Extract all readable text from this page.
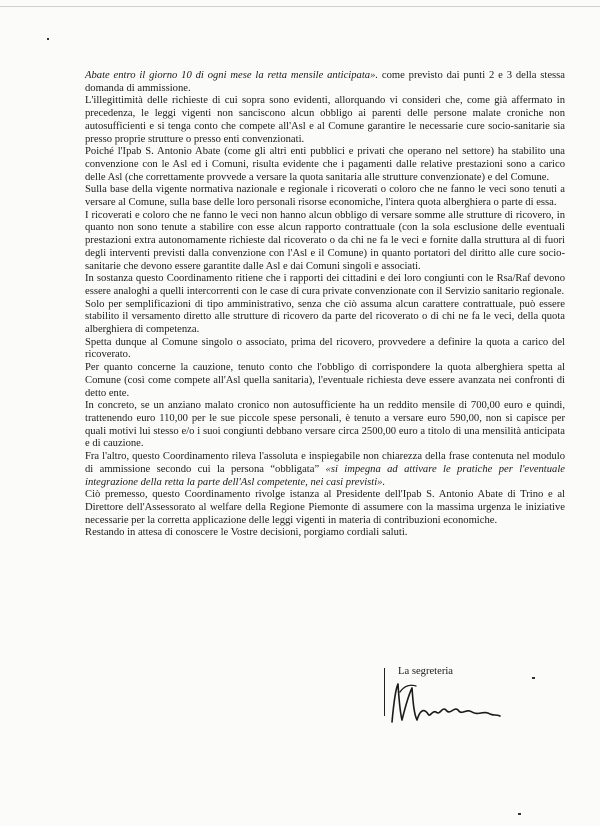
Abate entro il giorno 10 di ogni mese la retta mensile anticipata». come previsto dai punti 2 e 3 della stessa domanda di ammissione.

L'illegittimità delle richieste di cui sopra sono evidenti, allorquando vi consideri che, come già affermato in precedenza, le leggi vigenti non sanciscono alcun obbligo ai parenti delle persone malate croniche non autosufficienti e si tenga conto che compete all'Asl e al Comune garantire le necessarie cure socio-sanitarie sia presso proprie strutture o presso enti convenzionati.

Poiché l'Ipab S. Antonio Abate (come gli altri enti pubblici e privati che operano nel settore) ha stabilito una convenzione con le Asl ed i Comuni, risulta evidente che i pagamenti dalle relative prestazioni sono a carico delle Asl (che correttamente provvede a versare la quota sanitaria alle strutture convenzionate) e del Comune.

Sulla base della vigente normativa nazionale e regionale i ricoverati o coloro che ne fanno le veci sono tenuti a versare al Comune, sulla base delle loro personali risorse economiche, l'intera quota alberghiera o parte di essa.

I ricoverati e coloro che ne fanno le veci non hanno alcun obbligo di versare somme alle strutture di ricovero, in quanto non sono tenute a stabilire con esse alcun rapporto contrattuale (con la sola esclusione delle eventuali prestazioni extra autonomamente richieste dal ricoverato o da chi ne fa le veci e fornite dalla struttura al di fuori degli interventi previsti dalla convenzione con l'Asl e il Comune) in quanto portatori del diritto alle cure socio-sanitarie che devono essere garantite dalle Asl e dai Comuni singoli e associati.

In sostanza questo Coordinamento ritiene che i rapporti dei cittadini e dei loro congiunti con le Rsa/Raf devono essere analoghi a quelli intercorrenti con le case di cura private convenzionate con il Servizio sanitario regionale.

Solo per semplificazioni di tipo amministrativo, senza che ciò assuma alcun carattere contrattuale, può essere stabilito il versamento diretto alle strutture di ricovero da parte del ricoverato o di chi ne fa le veci, della quota alberghiera di competenza.

Spetta dunque al Comune singolo o associato, prima del ricovero, provvedere a definire la quota a carico del ricoverato.

Per quanto concerne la cauzione, tenuto conto che l'obbligo di corrispondere la quota alberghiera spetta al Comune (così come compete all'Asl quella sanitaria), l'eventuale richiesta deve essere avanzata nei confronti di detto ente.

In concreto, se un anziano malato cronico non autosufficiente ha un reddito mensile di 700,00 euro e quindi, trattenendo euro 110,00 per le sue piccole spese personali, è tenuto a versare euro 590,00, non si capisce per quali motivi lui stesso e/o i suoi congiunti debbano versare circa 2500,00 euro a titolo di una mensilità anticipata e di cauzione.

Fra l'altro, questo Coordinamento rileva l'assoluta e inspiegabile non chiarezza della frase contenuta nel modulo di ammissione secondo cui la persona “obbligata” «si impegna ad attivare le pratiche per l'eventuale integrazione della retta la parte dell'Asl competente, nei casi previsti».

Ciò premesso, questo Coordinamento rivolge istanza al Presidente dell'Ipab S. Antonio Abate di Trino e al Direttore dell'Assessorato al welfare della Regione Piemonte di assumere con la massima urgenza le iniziative necessarie per la corretta applicazione delle leggi vigenti in materia di contribuzioni economiche.

Restando in attesa di conoscere le Vostre decisioni, porgiamo cordiali saluti.

La segreteria
